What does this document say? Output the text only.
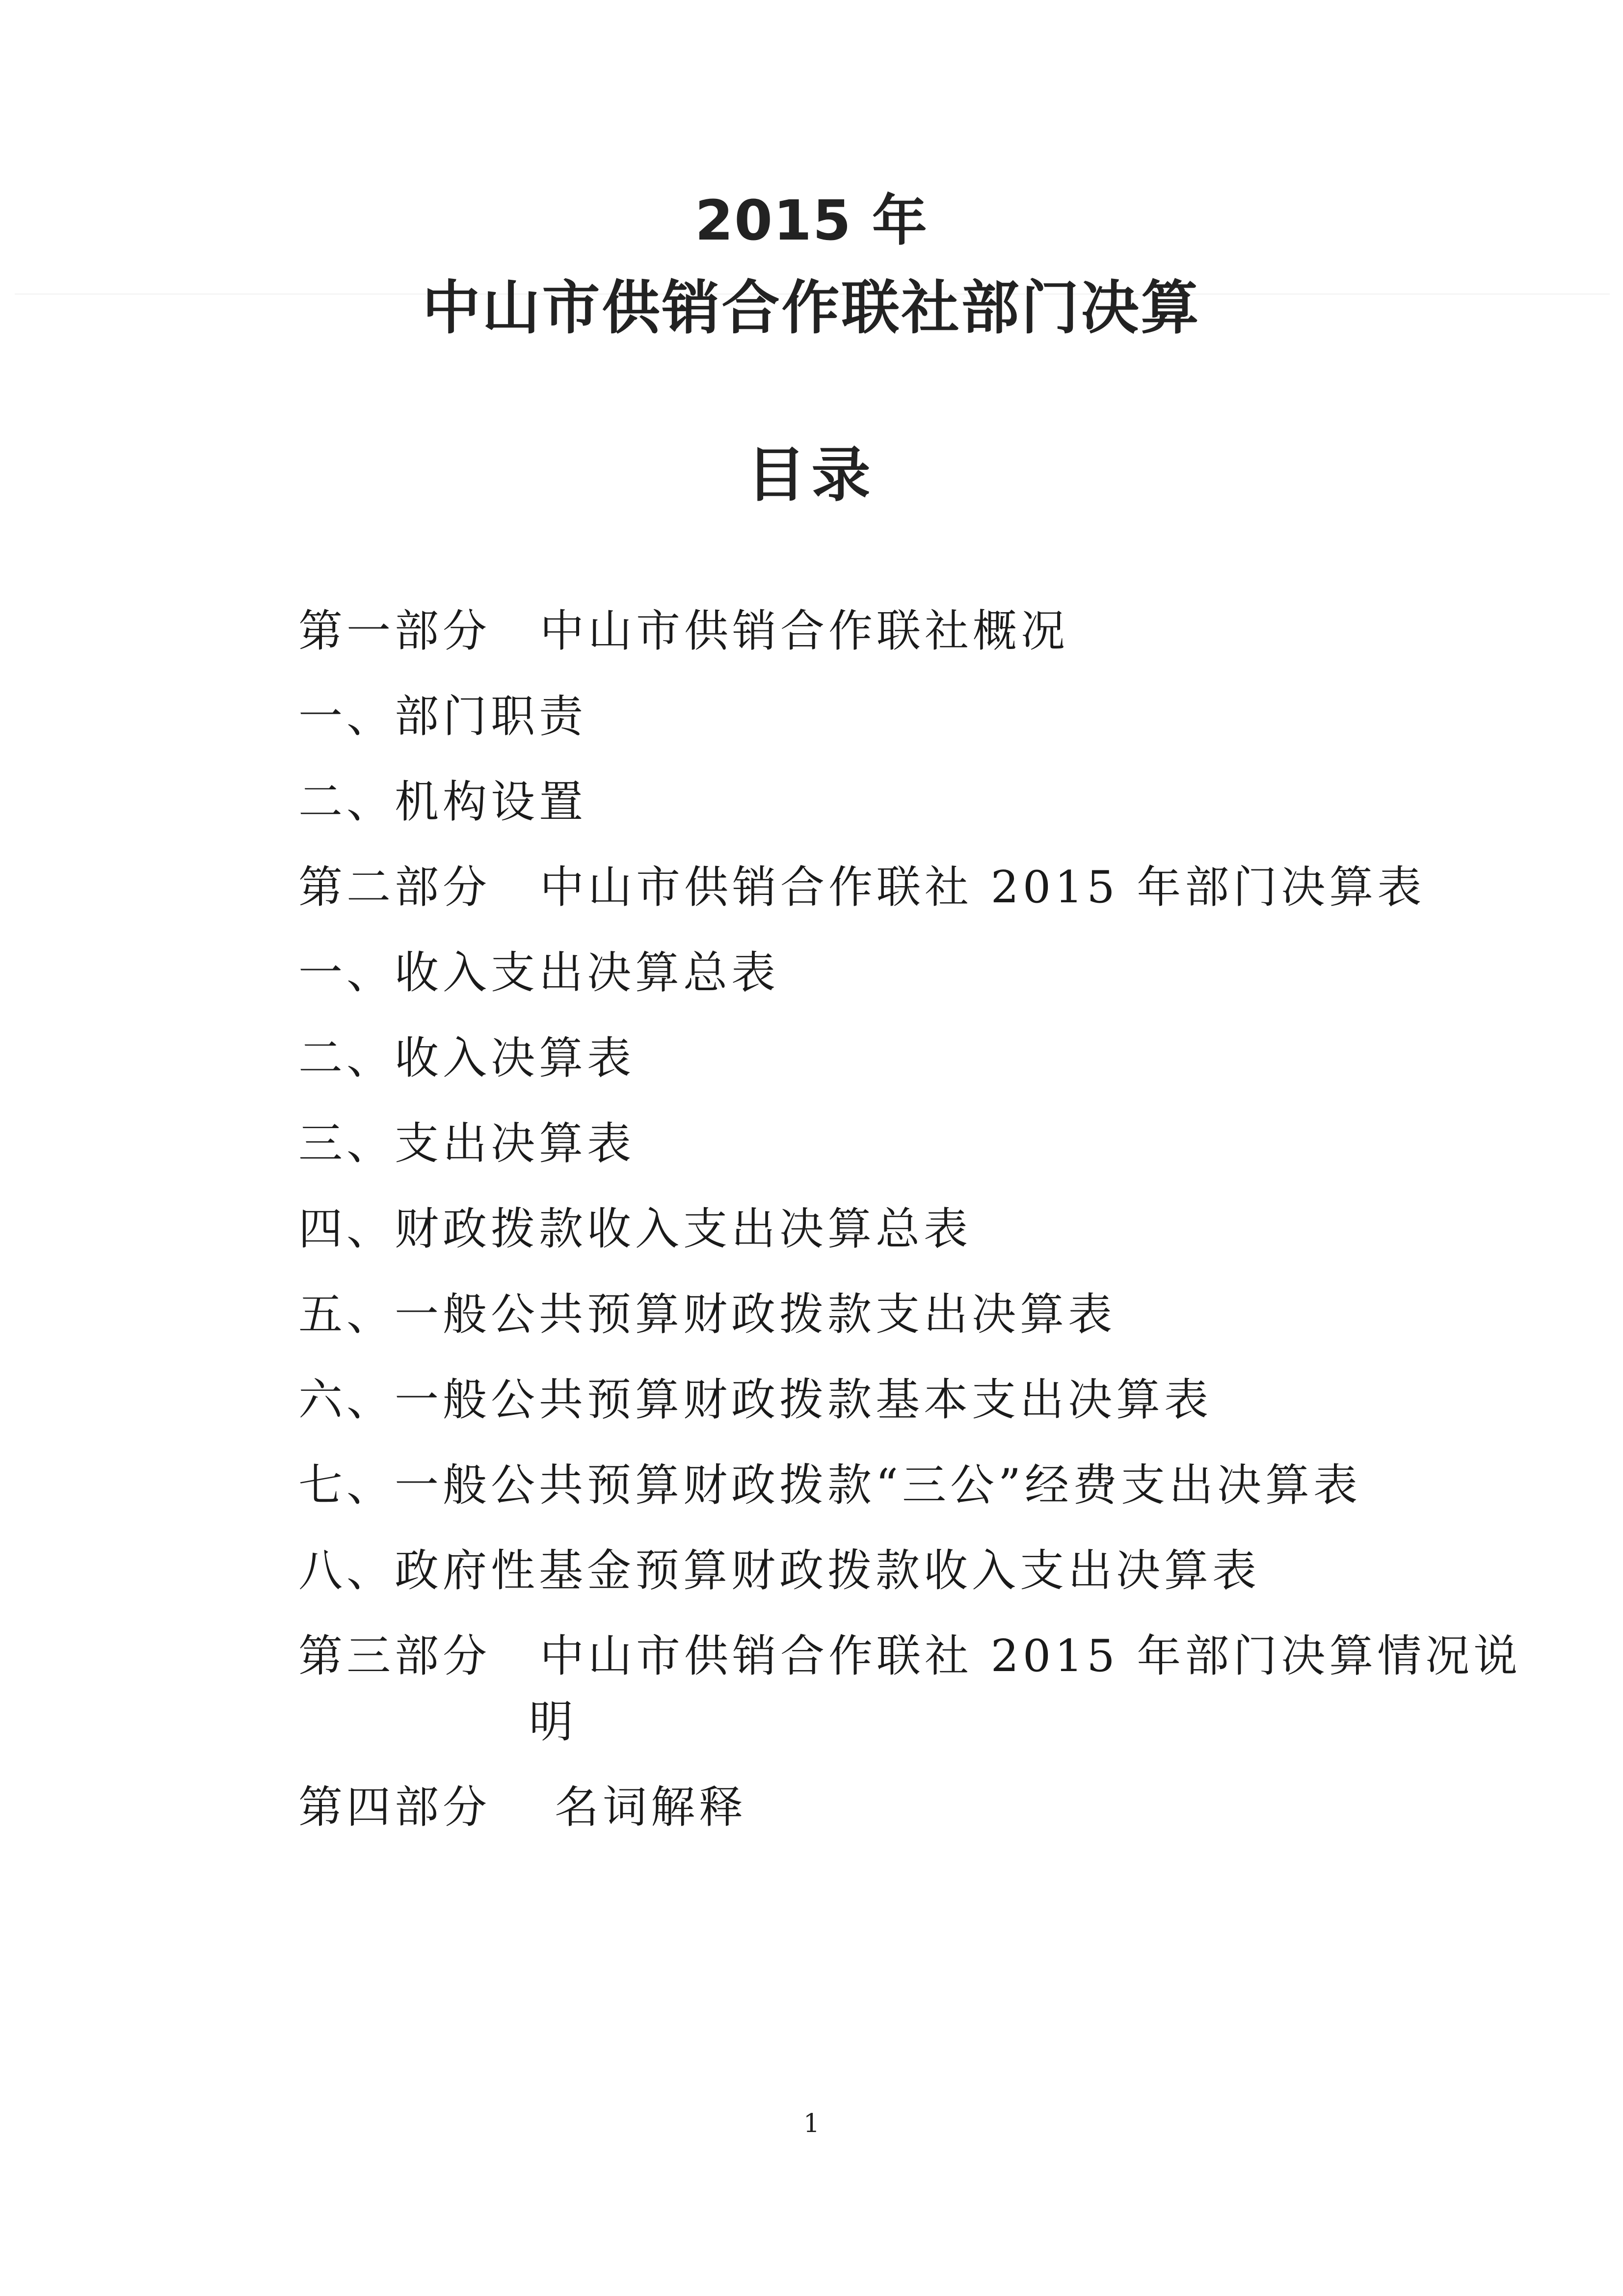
2015 年
中山市供销合作联社部门决算
目录
第一部分 中山市供销合作联社概况
一、部门职责
二、机构设置
第二部分 中山市供销合作联社 2015 年部门决算表
一、收入支出决算总表
二、收入决算表
三、支出决算表
四、财政拨款收入支出决算总表
五、一般公共预算财政拨款支出决算表
六、一般公共预算财政拨款基本支出决算表
七、一般公共预算财政拨款“三公”经费支出决算表
八、政府性基金预算财政拨款收入支出决算表
第三部分 中山市供销合作联社 2015 年部门决算情况说
明
第四部分 名词解释
1
